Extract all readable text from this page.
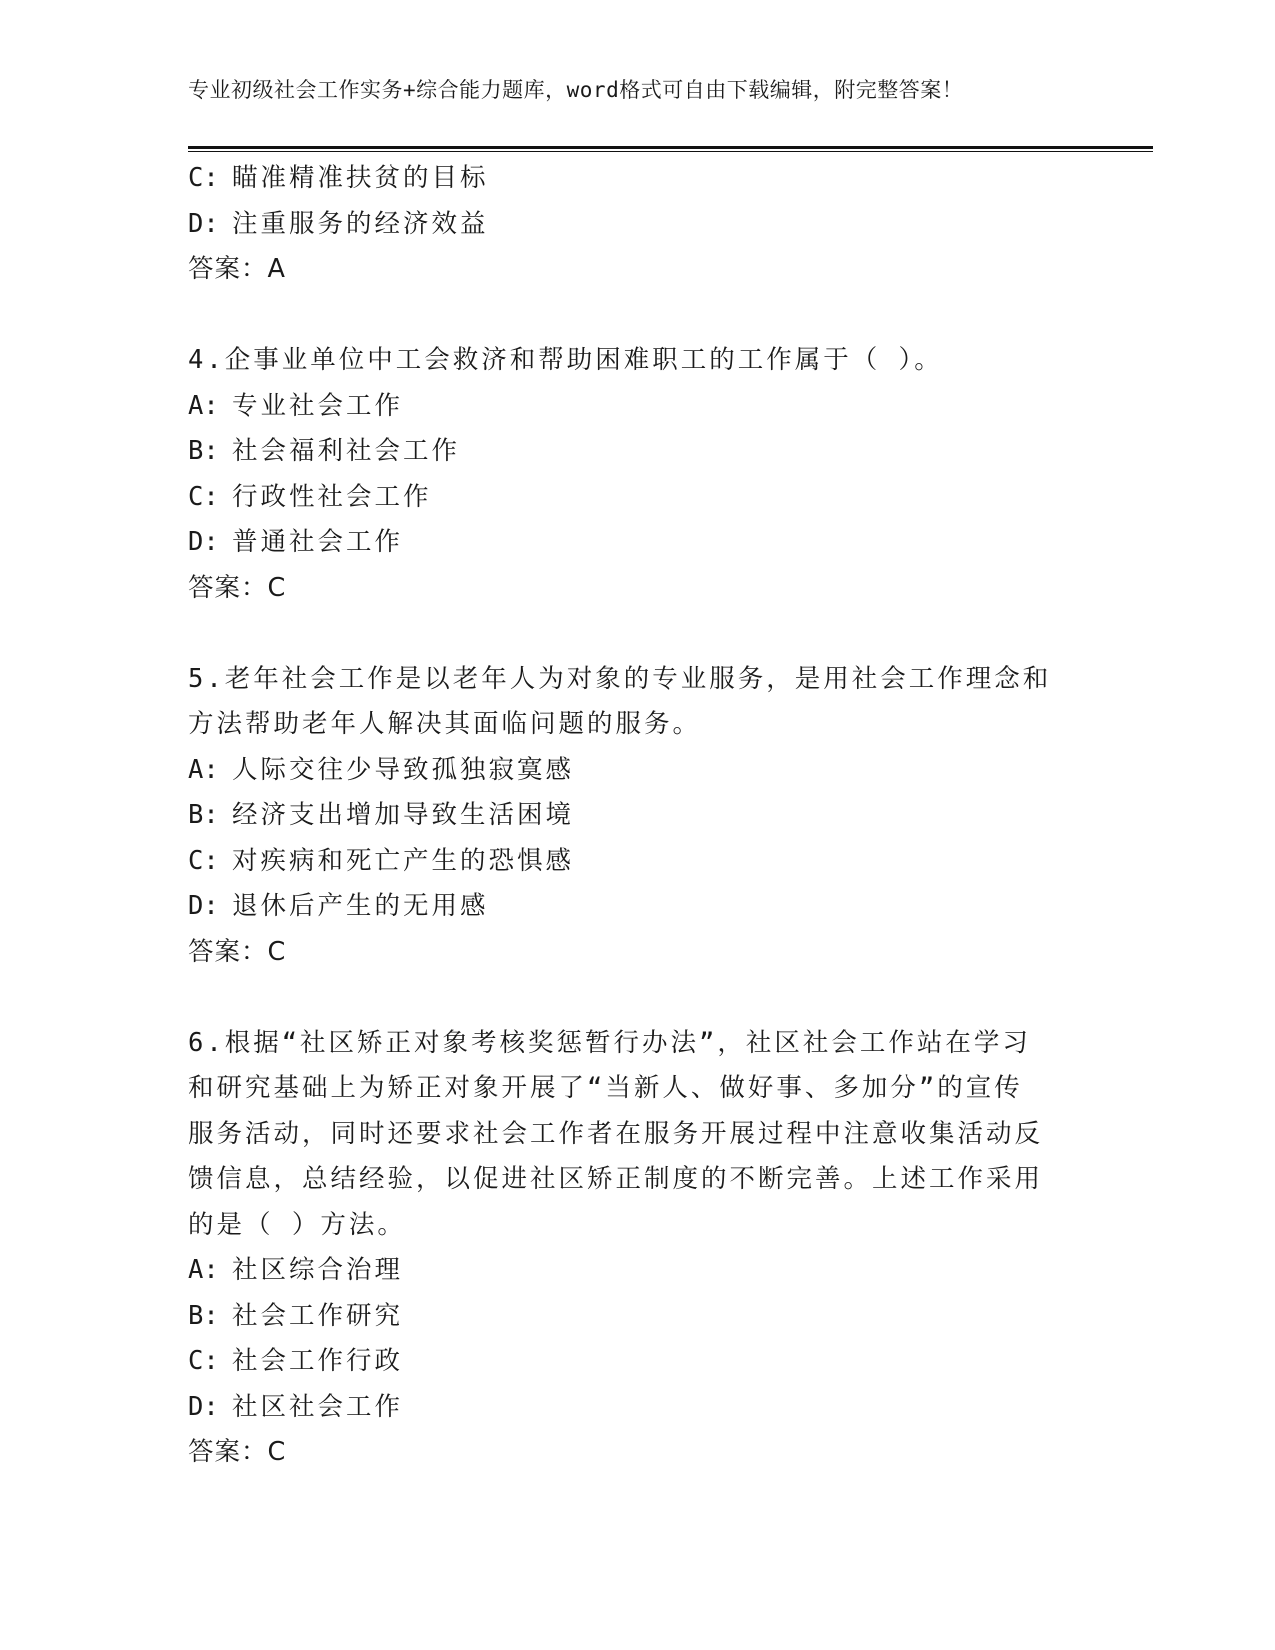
专业初级社会工作实务+综合能力题库，word格式可自由下载编辑，附完整答案！
C: 瞄准精准扶贫的目标
D: 注重服务的经济效益
答案：A
4.企事业单位中工会救济和帮助困难职工的工作属于（ ）。
A: 专业社会工作
B: 社会福利社会工作
C: 行政性社会工作
D: 普通社会工作
答案：C
5.老年社会工作是以老年人为对象的专业服务，是用社会工作理念和
方法帮助老年人解决其面临问题的服务。
A: 人际交往少导致孤独寂寞感
B: 经济支出增加导致生活困境
C: 对疾病和死亡产生的恐惧感
D: 退休后产生的无用感
答案：C
6.根据“社区矫正对象考核奖惩暂行办法”，社区社会工作站在学习
和研究基础上为矫正对象开展了“当新人、做好事、多加分”的宣传
服务活动，同时还要求社会工作者在服务开展过程中注意收集活动反
馈信息，总结经验，以促进社区矫正制度的不断完善。上述工作采用
的是（ ）方法。
A: 社区综合治理
B: 社会工作研究
C: 社会工作行政
D: 社区社会工作
答案：C
